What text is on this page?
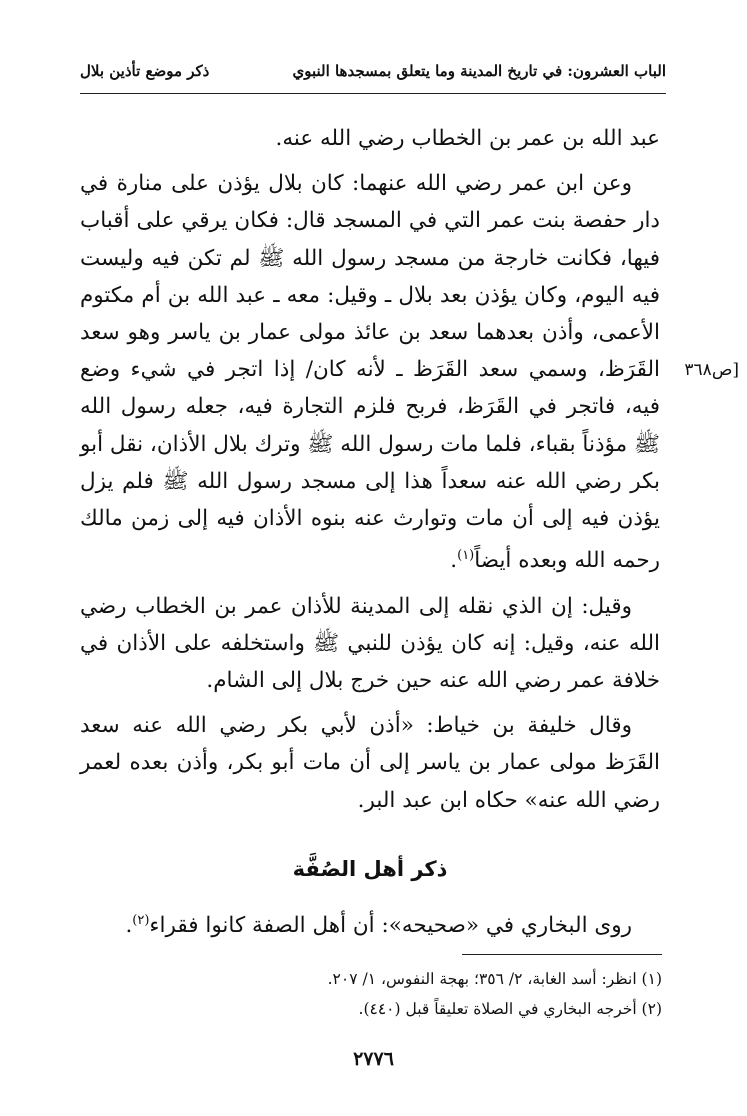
الباب العشرون: في تاريخ المدينة وما يتعلق بمسجدها النبوي
ذكر موضع تأذين بلال
[ص٣٦٨

عبد الله بن عمر بن الخطاب رضي الله عنه.

وعن ابن عمر رضي الله عنهما: كان بلال يؤذن على منارة في دار حفصة بنت عمر التي في المسجد قال: فكان يرقي على أقباب فيها، فكانت خارجة من مسجد رسول الله ﷺ لم تكن فيه وليست فيه اليوم، وكان يؤذن بعد بلال ـ وقيل: معه ـ عبد الله بن أم مكتوم الأعمى، وأذن بعدهما سعد بن عائذ مولى عمار بن ياسر وهو سعد القَرَظ، وسمي سعد القَرَظ ـ لأنه كان/ إذا اتجر في شيء وضع فيه، فاتجر في القَرَظ، فربح فلزم التجارة فيه، جعله رسول الله ﷺ مؤذناً بقباء، فلما مات رسول الله ﷺ وترك بلال الأذان، نقل أبو بكر رضي الله عنه سعداً هذا إلى مسجد رسول الله ﷺ فلم يزل يؤذن فيه إلى أن مات وتوارث عنه بنوه الأذان فيه إلى زمن مالك رحمه الله وبعده أيضاً$^{(١)}$.

وقيل: إن الذي نقله إلى المدينة للأذان عمر بن الخطاب رضي الله عنه، وقيل: إنه كان يؤذن للنبي ﷺ واستخلفه على الأذان في خلافة عمر رضي الله عنه حين خرج بلال إلى الشام.

وقال خليفة بن خياط: «أذن لأبي بكر رضي الله عنه سعد القَرَظ مولى عمار بن ياسر إلى أن مات أبو بكر، وأذن بعده لعمر رضي الله عنه» حكاه ابن عبد البر.

ذكر أهل الصُفَّة

روى البخاري في «صحيحه»: أن أهل الصفة كانوا فقراء$^{(٢)}$.

(١) انظر: أسد الغابة، ٢/ ٣٥٦؛ بهجة النفوس، ١/ ٢٠٧.

(٢) أخرجه البخاري في الصلاة تعليقاً قبل (٤٤٠).

٢٧٧٦
